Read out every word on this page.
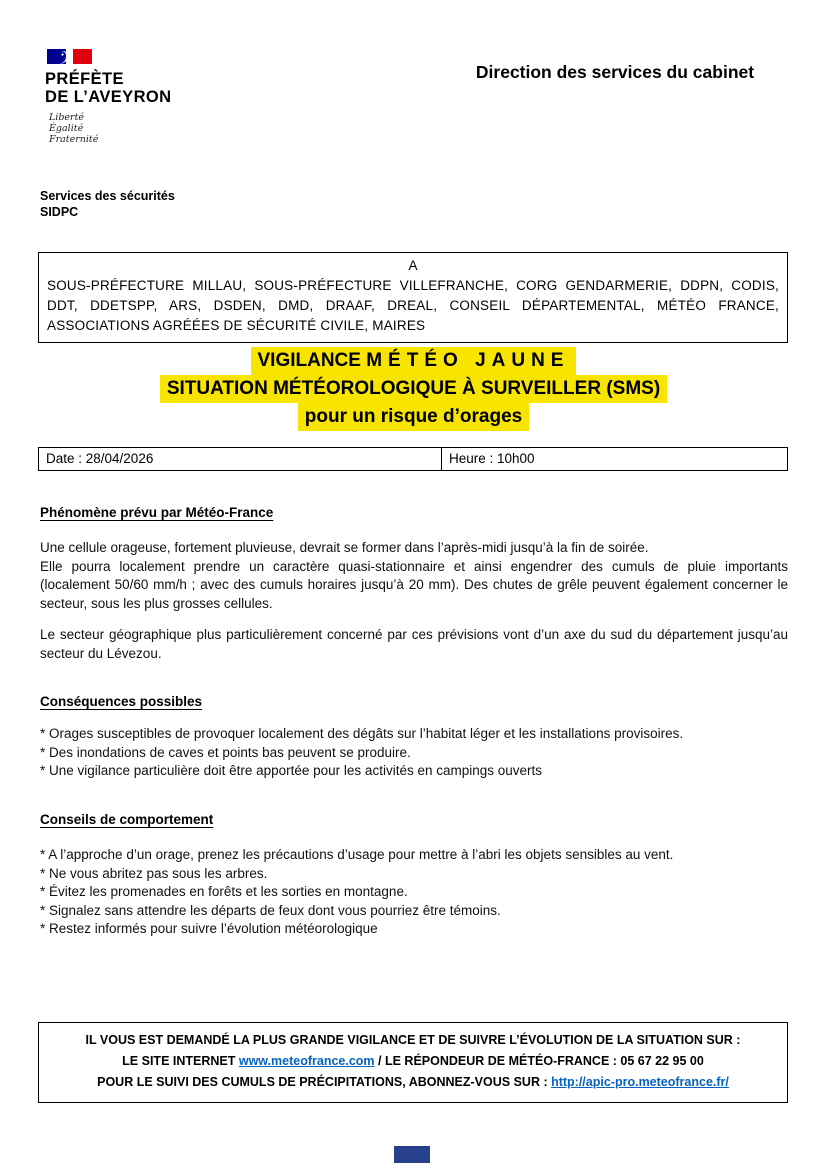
PRÉFÈTE
DE L’AVEYRON
Liberté
Égalité
Fraternité
Direction des services du cabinet
Services des sécurités
SIDPC
A
SOUS-PRÉFECTURE MILLAU, SOUS-PRÉFECTURE VILLEFRANCHE, CORG GENDARMERIE, DDPN, CODIS, DDT, DDETSPP, ARS, DSDEN, DMD, DRAAF, DREAL, CONSEIL DÉPARTEMENTAL, MÉTÉO FRANCE, ASSOCIATIONS AGRÉÉES DE SÉCURITÉ CIVILE, MAIRES
VIGILANCE MÉTÉO JAUNE
SITUATION MÉTÉOROLOGIQUE À SURVEILLER (SMS)
pour un risque d’orages
Date : 28/04/2026	Heure : 10h00
Phénomène prévu par Météo-France
Une cellule orageuse, fortement pluvieuse, devrait se former dans l’après-midi jusqu’à la fin de soirée.
Elle pourra localement prendre un caractère quasi-stationnaire et ainsi engendrer des cumuls de pluie importants (localement 50/60 mm/h ; avec des cumuls horaires jusqu’à 20 mm). Des chutes de grêle peuvent également concerner le secteur, sous les plus grosses cellules.
Le secteur géographique plus particulièrement concerné par ces prévisions vont d’un axe du sud du département jusqu’au secteur du Lévezou.
Conséquences possibles
* Orages susceptibles de provoquer localement des dégâts sur l’habitat léger et les installations provisoires.
* Des inondations de caves et points bas peuvent se produire.
* Une vigilance particulière doit être apportée pour les activités en campings ouverts
Conseils de comportement
* A l’approche d’un orage, prenez les précautions d’usage pour mettre à l’abri les objets sensibles au vent.
* Ne vous abritez pas sous les arbres.
* Évitez les promenades en forêts et les sorties en montagne.
* Signalez sans attendre les départs de feux dont vous pourriez être témoins.
* Restez informés pour suivre l’évolution météorologique
IL VOUS EST DEMANDÉ LA PLUS GRANDE VIGILANCE ET DE SUIVRE L’ÉVOLUTION DE LA SITUATION SUR :
LE SITE INTERNET www.meteofrance.com / LE RÉPONDEUR DE MÉTÉO-FRANCE : 05 67 22 95 00
POUR LE SUIVI DES CUMULS DE PRÉCIPITATIONS, ABONNEZ-VOUS SUR : http://apic-pro.meteofrance.fr/
